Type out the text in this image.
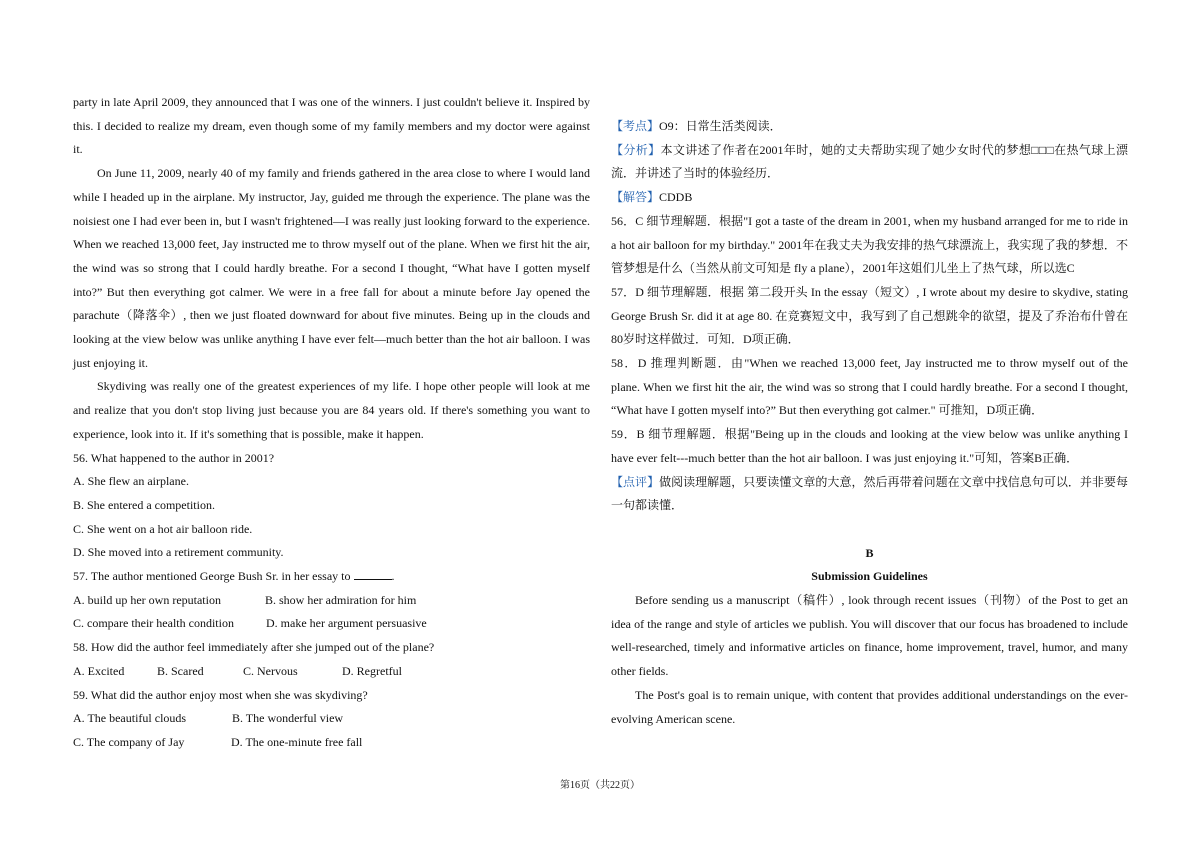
party in late April 2009, they announced that I was one of the winners. I just couldn't believe it. Inspired by this. I decided to realize my dream, even though some of my family members and my doctor were against it.

On June 11, 2009, nearly 40 of my family and friends gathered in the area close to where I would land while I headed up in the airplane. My instructor, Jay, guided me through the experience. The plane was the noisiest one I had ever been in, but I wasn't frightened—I was really just looking forward to the experience. When we reached 13,000 feet, Jay instructed me to throw myself out of the plane. When we first hit the air, the wind was so strong that I could hardly breathe. For a second I thought, “What have I gotten myself into?” But then everything got calmer. We were in a free fall for about a minute before Jay opened the parachute（降落伞）, then we just floated downward for about five minutes. Being up in the clouds and looking at the view below was unlike anything I have ever felt—much better than the hot air balloon. I was just enjoying it.

Skydiving was really one of the greatest experiences of my life. I hope other people will look at me and realize that you don't stop living just because you are 84 years old. If there's something you want to experience, look into it. If it's something that is possible, make it happen.

56. What happened to the author in 2001?

A. She flew an airplane.

B. She entered a competition.

C. She went on a hot air balloon ride.

D. She moved into a retirement community.

57. The author mentioned George Bush Sr. in her essay to	.

A. build up her own reputation	B. show her admiration for him
C. compare their health condition	D. make her argument persuasive

58. How did the author feel immediately after she jumped out of the plane?

A. Excited	B. Scared	C. Nervous	D. Regretful

59. What did the author enjoy most when she was skydiving?

A. The beautiful clouds	B. The wonderful view
C. The company of Jay	D. The one-minute free fall

【考点】O9：日常生活类阅读．

【分析】本文讲述了作者在2001年时，她的丈夫帮助实现了她少女时代的梦想□□□在热气球上漂流．并讲述了当时的体验经历．

【解答】CDDB

56．C 细节理解题．根据"I got a taste of the dream in 2001, when my husband arranged for me to ride in a hot air balloon for my birthday." 2001年在我丈夫为我安排的热气球漂流上，我实现了我的梦想．不管梦想是什么（当然从前文可知是 fly a plane），2001年这姐们儿坐上了热气球，所以选C

57．D 细节理解题．根据 第二段开头 In the essay（短文）, I wrote about my desire to skydive, stating George Brush Sr. did it at age 80. 在竞赛短文中，我写到了自己想跳伞的欲望，提及了乔治布什曾在80岁时这样做过．可知．D项正确．

58．D 推理判断题．由"When we reached 13,000 feet, Jay instructed me to throw myself out of the plane. When we first hit the air, the wind was so strong that I could hardly breathe. For a second I thought, “What have I gotten myself into?” But then everything got calmer." 可推知，D项正确．

59．B 细节理解题．根据"Being up in the clouds and looking at the view below was unlike anything I have ever felt---much better than the hot air balloon. I was just enjoying it."可知，答案B正确．

【点评】做阅读理解题，只要读懂文章的大意，然后再带着问题在文章中找信息句可以．并非要每一句都读懂．

B

Submission Guidelines

Before sending us a manuscript（稿件）, look through recent issues（刊物）of the Post to get an idea of the range and style of articles we publish. You will discover that our focus has broadened to include well-researched, timely and informative articles on finance, home improvement, travel, humor, and many other fields.

The Post's goal is to remain unique, with content that provides additional understandings on the ever-evolving American scene.

第16页（共22页）
